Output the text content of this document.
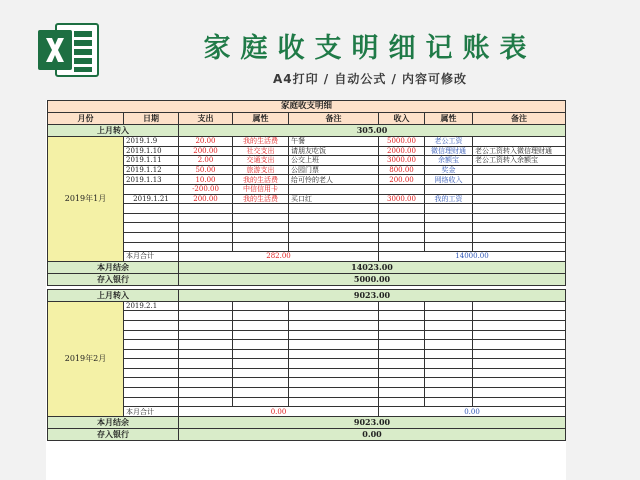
家庭收支明细记账表
A4打印 / 自动公式 / 内容可修改
家庭收支明细							
月份	日期	支出	属性	备注	收入	属性	备注
上月转入		305.00					
2019年1月	2019.1.9	20.00	我的生活费	午餐	5000.00	老公工资	
	2019.1.10	200.00	社交支出	请朋友吃饭	2000.00	微信理财通	老公工资转入微信理财通
	2019.1.11	2.00	交通支出	公交上班	3000.00	余额宝	老公工资转入余额宝
	2019.1.12	50.00	旅游支出	公园门票	800.00	奖金	
	2019.1.13	10.00	我的生活费	给可怜的老人	200.00	网络收入	
		-200.00	中信信用卡				
	2019.1.21	200.00	我的生活费	买口红	3000.00	我的工资	

	本月合计	282.00			14000.00		
本月结余		14023.00					
存入银行		5000.00					

上月转入		9023.00					
2019年2月	2019.2.1						

	本月合计	0.00			0.00		
本月结余		9023.00					
存入银行		0.00					
